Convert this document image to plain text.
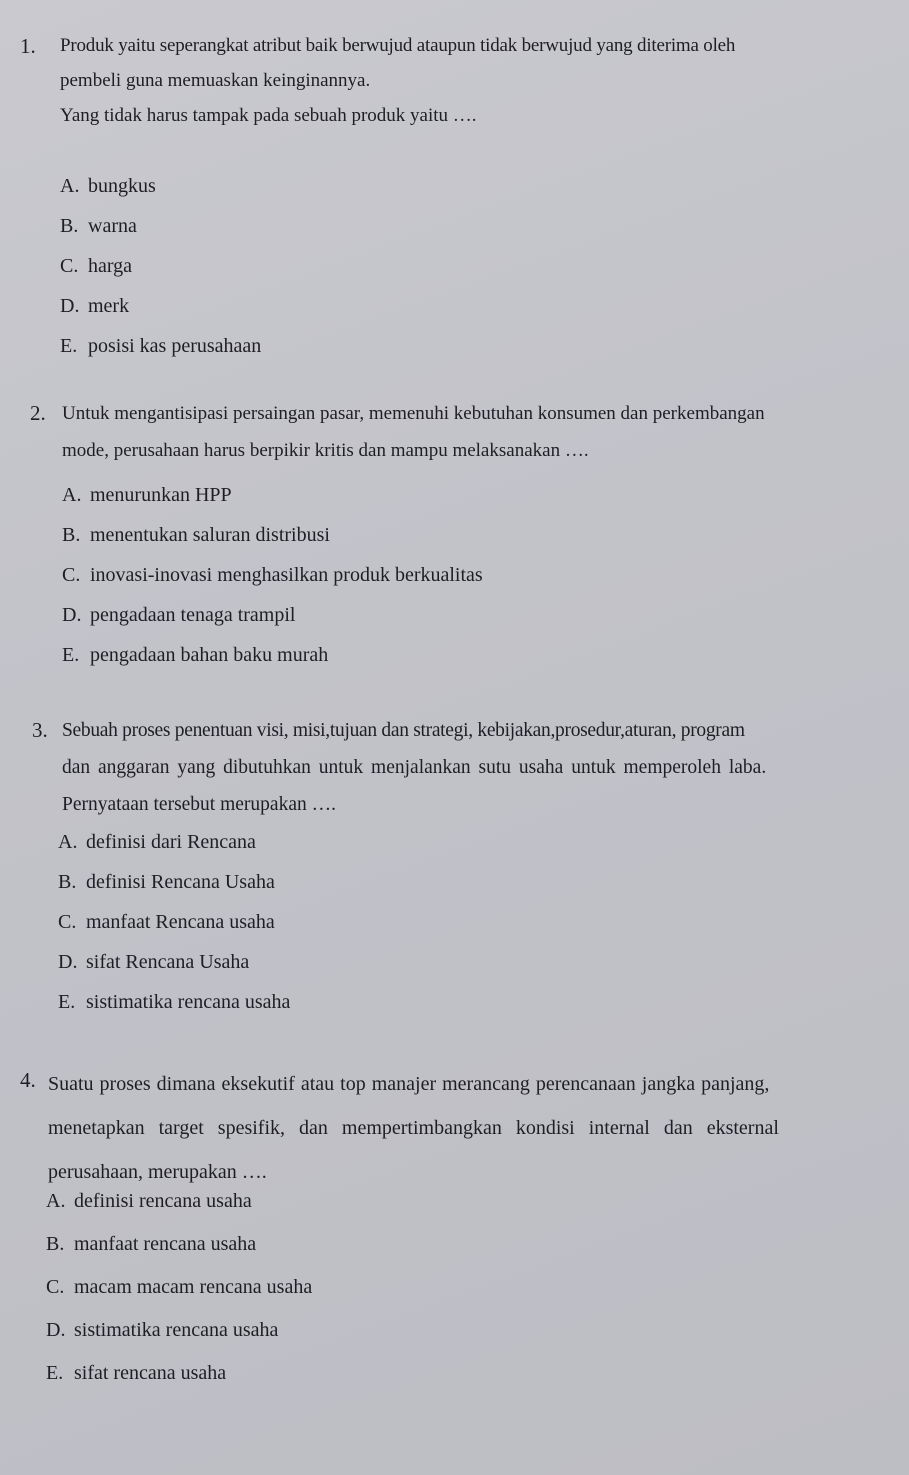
1. Produk yaitu seperangkat atribut baik berwujud ataupun tidak berwujud yang diterima oleh
pembeli guna memuaskan keinginannya.
Yang tidak harus tampak pada sebuah produk yaitu ….
A. bungkus
B. warna
C. harga
D. merk
E. posisi kas perusahaan
2. Untuk mengantisipasi persaingan pasar, memenuhi kebutuhan konsumen dan perkembangan
mode, perusahaan harus berpikir kritis dan mampu melaksanakan ….
A. menurunkan HPP
B. menentukan saluran distribusi
C. inovasi-inovasi menghasilkan produk berkualitas
D. pengadaan tenaga trampil
E. pengadaan bahan baku murah
3. Sebuah proses penentuan visi, misi,tujuan dan strategi, kebijakan,prosedur,aturan, program
dan anggaran yang dibutuhkan untuk menjalankan sutu usaha untuk memperoleh laba.
Pernyataan tersebut merupakan ….
A. definisi dari Rencana
B. definisi Rencana Usaha
C. manfaat Rencana usaha
D. sifat Rencana Usaha
E. sistimatika rencana usaha
4. Suatu proses dimana eksekutif atau top manajer merancang perencanaan jangka panjang,
menetapkan target spesifik, dan mempertimbangkan kondisi internal dan eksternal
perusahaan, merupakan ….
A. definisi rencana usaha
B. manfaat rencana usaha
C. macam macam rencana usaha
D. sistimatika rencana usaha
E. sifat rencana usaha
